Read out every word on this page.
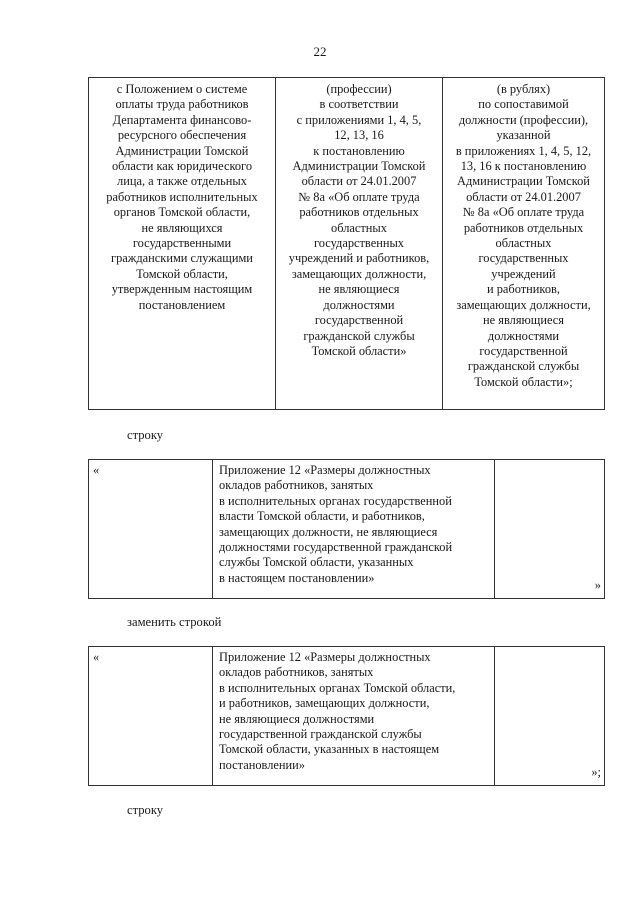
22
с Положением о системе
оплаты труда работников
Департамента финансово-
ресурсного обеспечения
Администрации Томской
области как юридического
лица, а также отдельных
работников исполнительных
органов Томской области,
не являющихся
государственными
гражданскими служащими
Томской области,
утвержденным настоящим
постановлением	(профессии)
в соответствии
с приложениями 1, 4, 5,
12, 13, 16
к постановлению
Администрации Томской
области от 24.01.2007
№ 8а «Об оплате труда
работников отдельных
областных
государственных
учреждений и работников,
замещающих должности,
не являющиеся
должностями
государственной
гражданской службы
Томской области»	(в рублях)
по сопоставимой
должности (профессии),
указанной
в приложениях 1, 4, 5, 12,
13, 16 к постановлению
Администрации Томской
области от 24.01.2007
№ 8а «Об оплате труда
работников отдельных
областных
государственных
учреждений
и работников,
замещающих должности,
не являющиеся
должностями
государственной
гражданской службы
Томской области»;
строку
«	Приложение 12 «Размеры должностных
окладов работников, занятых
в исполнительных органах государственной
власти Томской области, и работников,
замещающих должности, не являющиеся
должностями государственной гражданской
службы Томской области, указанных
в настоящем постановлении»	»
заменить строкой
«	Приложение 12 «Размеры должностных
окладов работников, занятых
в исполнительных органах Томской области,
и работников, замещающих должности,
не являющиеся должностями
государственной гражданской службы
Томской области, указанных в настоящем
постановлении»	»;
строку
